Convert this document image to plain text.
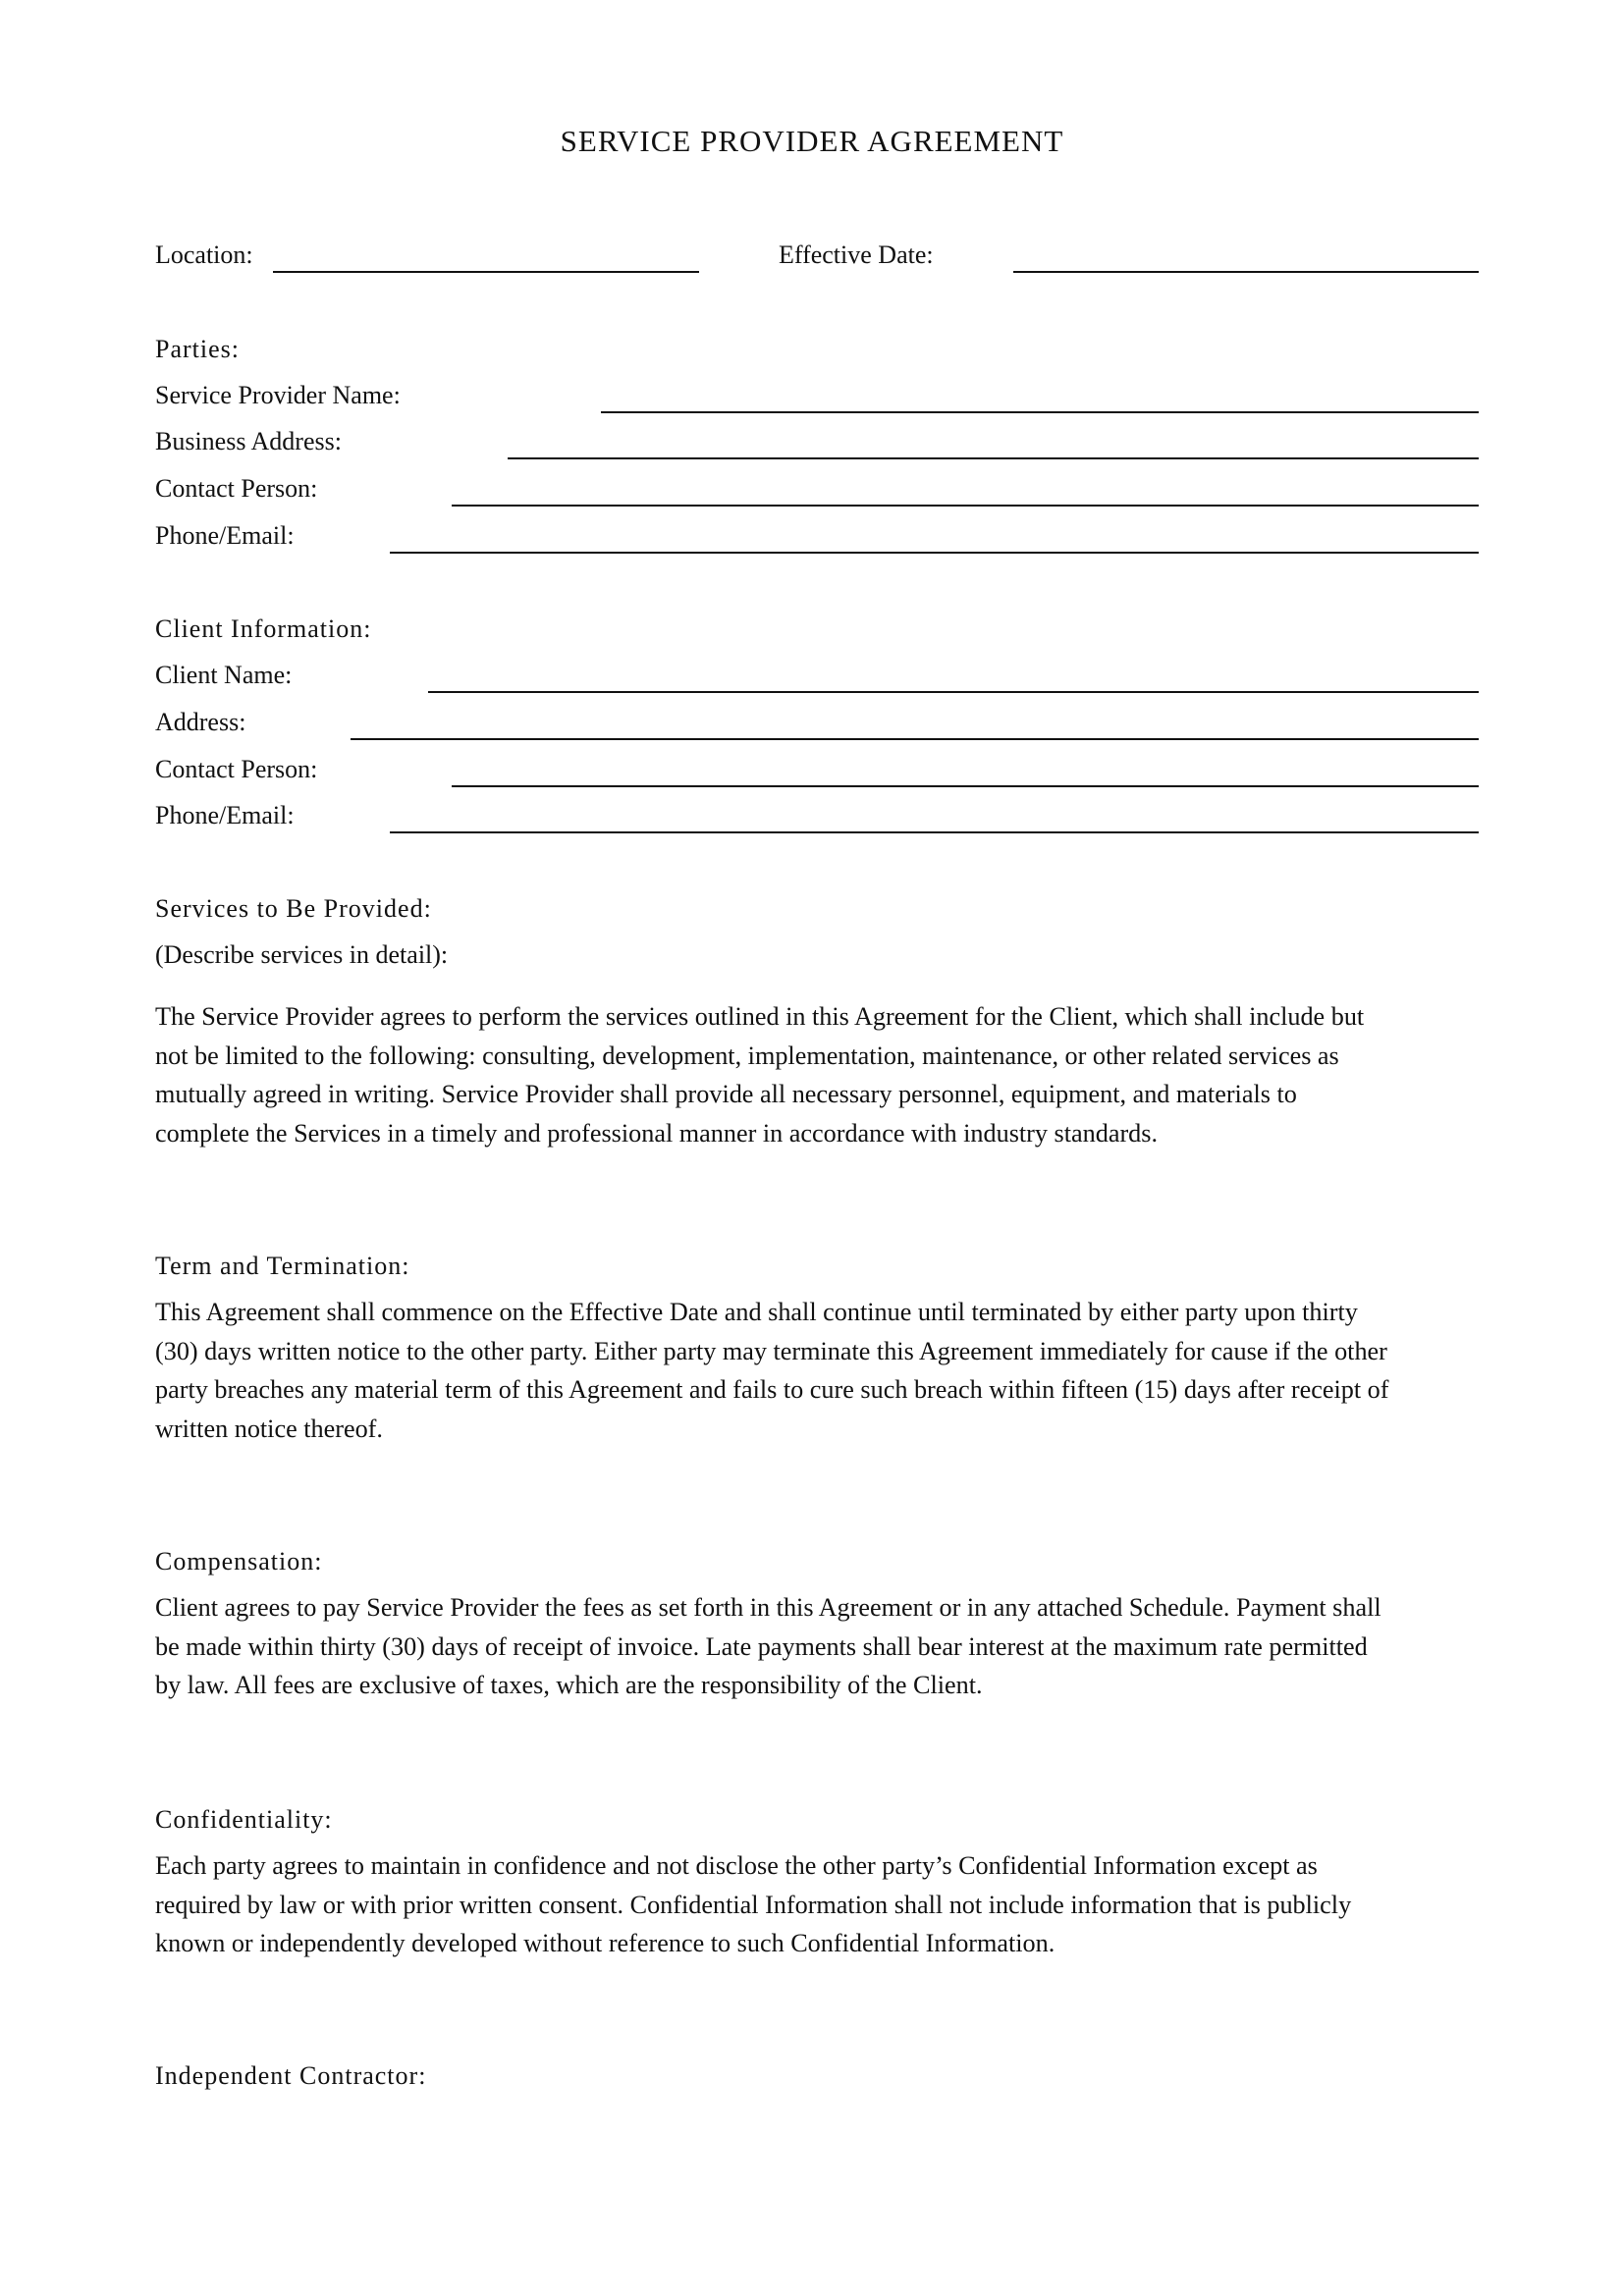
SERVICE PROVIDER AGREEMENT
Location:	Effective Date:
Parties:
Service Provider Name:
Business Address:
Contact Person:
Phone/Email:
Client Information:
Client Name:
Address:
Contact Person:
Phone/Email:
Services to Be Provided:
(Describe services in detail):

The Service Provider agrees to perform the services outlined in this Agreement for the Client, which shall include but

not be limited to the following: consulting, development, implementation, maintenance, or other related services as

mutually agreed in writing. Service Provider shall provide all necessary personnel, equipment, and materials to

complete the Services in a timely and professional manner in accordance with industry standards.

Term and Termination:

This Agreement shall commence on the Effective Date and shall continue until terminated by either party upon thirty

(30) days written notice to the other party. Either party may terminate this Agreement immediately for cause if the other

party breaches any material term of this Agreement and fails to cure such breach within fifteen (15) days after receipt of

written notice thereof.

Compensation:

Client agrees to pay Service Provider the fees as set forth in this Agreement or in any attached Schedule. Payment shall

be made within thirty (30) days of receipt of invoice. Late payments shall bear interest at the maximum rate permitted

by law. All fees are exclusive of taxes, which are the responsibility of the Client.

Confidentiality:

Each party agrees to maintain in confidence and not disclose the other party’s Confidential Information except as

required by law or with prior written consent. Confidential Information shall not include information that is publicly

known or independently developed without reference to such Confidential Information.

Independent Contractor:
